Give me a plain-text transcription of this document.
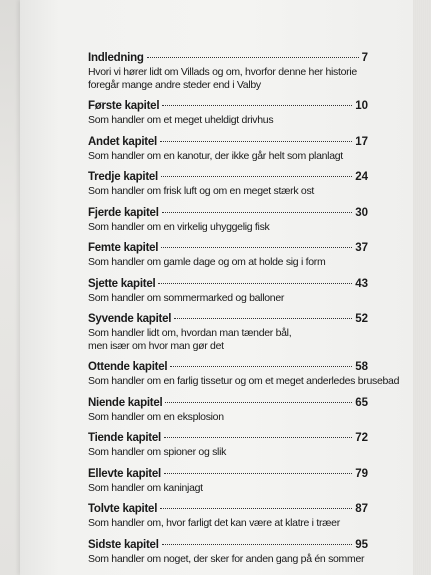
Indledning	7
Hvori vi hører lidt om Villads og om, hvorfor denne her historie
foregår mange andre steder end i Valby
Første kapitel	10
Som handler om et meget uheldigt drivhus
Andet kapitel	17
Som handler om en kanotur, der ikke går helt som planlagt
Tredje kapitel	24
Som handler om frisk luft og om en meget stærk ost
Fjerde kapitel	30
Som handler om en virkelig uhyggelig fisk
Femte kapitel	37
Som handler om gamle dage og om at holde sig i form
Sjette kapitel	43
Som handler om sommermarked og balloner
Syvende kapitel	52
Som handler lidt om, hvordan man tænder bål,
men især om hvor man gør det
Ottende kapitel	58
Som handler om en farlig tissetur og om et meget anderledes brusebad
Niende kapitel	65
Som handler om en eksplosion
Tiende kapitel	72
Som handler om spioner og slik
Ellevte kapitel	79
Som handler om kaninjagt
Tolvte kapitel	87
Som handler om, hvor farligt det kan være at klatre i træer
Sidste kapitel	95
Som handler om noget, der sker for anden gang på én sommer
